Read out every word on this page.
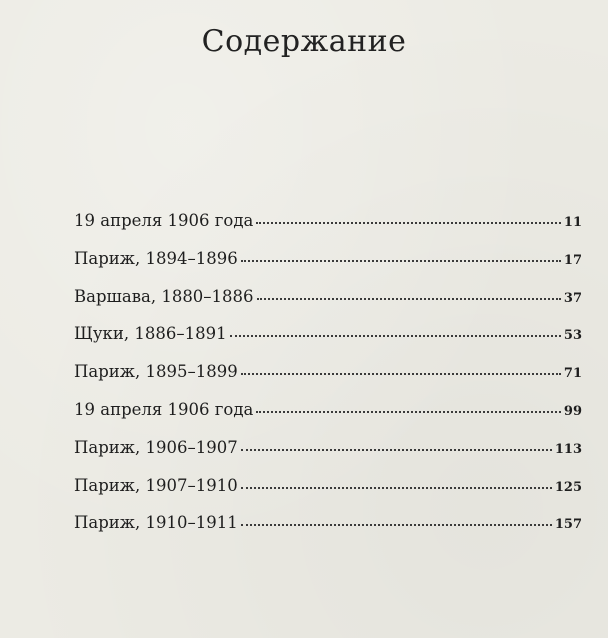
Содержание
19 апреля 1906 года	11
Париж, 1894–1896	17
Варшава, 1880–1886	37
Щуки, 1886–1891	53
Париж, 1895–1899	71
19 апреля 1906 года	99
Париж, 1906–1907	113
Париж, 1907–1910	125
Париж, 1910–1911	157
